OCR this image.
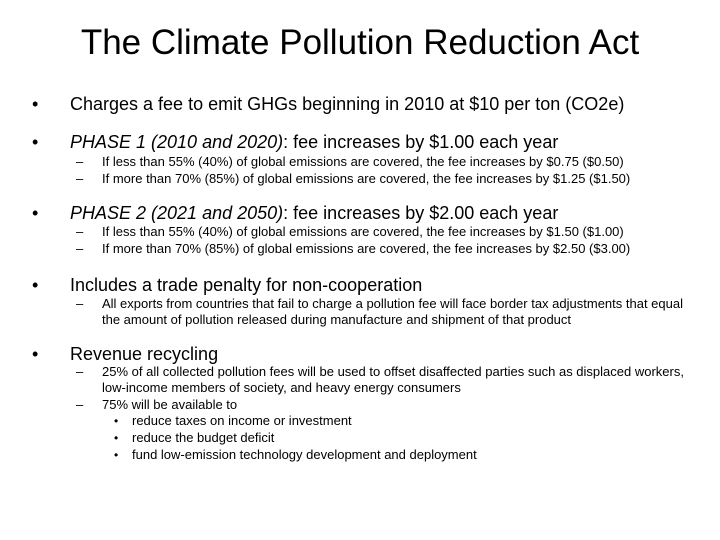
The Climate Pollution Reduction Act
• Charges a fee to emit GHGs beginning in 2010 at $10 per ton (CO2e)
• PHASE 1 (2010 and 2020): fee increases by $1.00 each year
– If less than 55% (40%) of global emissions are covered, the fee increases by $0.75 ($0.50)
– If more than 70% (85%) of global emissions are covered, the fee increases by $1.25 ($1.50)
• PHASE 2 (2021 and 2050): fee increases by $2.00 each year
– If less than 55% (40%) of global emissions are covered, the fee increases by $1.50 ($1.00)
– If more than 70% (85%) of global emissions are covered, the fee increases by $2.50 ($3.00)
• Includes a trade penalty for non-cooperation
– All exports from countries that fail to charge a pollution fee will face border tax adjustments that equal the amount of pollution released during manufacture and shipment of that product
• Revenue recycling
– 25% of all collected pollution fees will be used to offset disaffected parties such as displaced workers, low-income members of society, and heavy energy consumers
– 75% will be available to
• reduce taxes on income or investment
• reduce the budget deficit
• fund low-emission technology development and deployment
